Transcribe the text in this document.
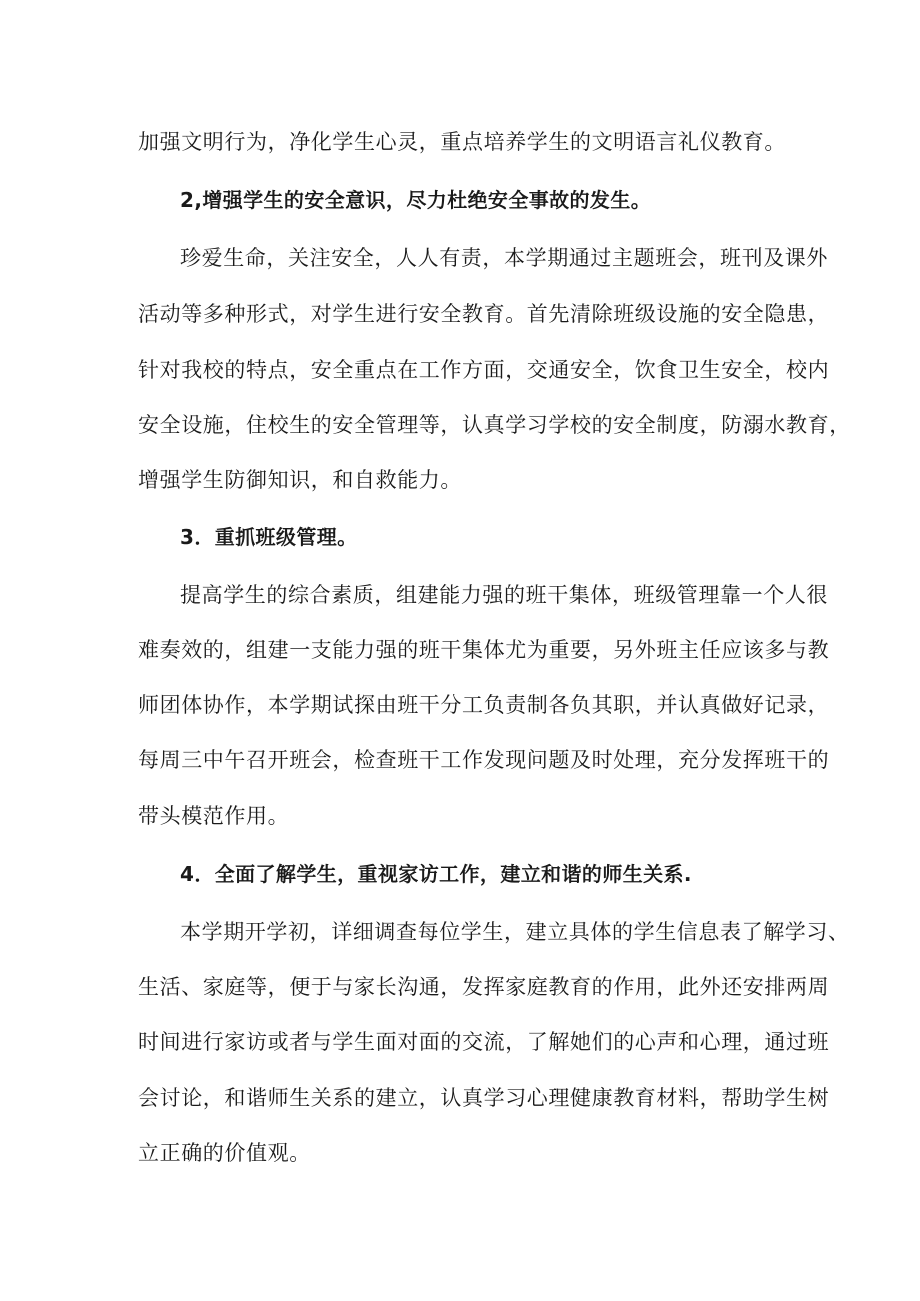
加强文明行为，净化学生心灵，重点培养学生的文明语言礼仪教育。

2,增强学生的安全意识，尽力杜绝安全事故的发生。

珍爱生命，关注安全，人人有责，本学期通过主题班会，班刊及课外

活动等多种形式，对学生进行安全教育。首先清除班级设施的安全隐患，

针对我校的特点，安全重点在工作方面，交通安全，饮食卫生安全，校内

安全设施，住校生的安全管理等，认真学习学校的安全制度，防溺水教育，

增强学生防御知识，和自救能力。

3．重抓班级管理。

提高学生的综合素质，组建能力强的班干集体，班级管理靠一个人很

难奏效的，组建一支能力强的班干集体尤为重要，另外班主任应该多与教

师团体协作，本学期试探由班干分工负责制各负其职，并认真做好记录，

每周三中午召开班会，检查班干工作发现问题及时处理，充分发挥班干的

带头模范作用。

4．全面了解学生，重视家访工作，建立和谐的师生关系.

本学期开学初，详细调查每位学生，建立具体的学生信息表了解学习、

生活、家庭等，便于与家长沟通，发挥家庭教育的作用，此外还安排两周

时间进行家访或者与学生面对面的交流，了解她们的心声和心理，通过班

会讨论，和谐师生关系的建立，认真学习心理健康教育材料，帮助学生树

立正确的价值观。
